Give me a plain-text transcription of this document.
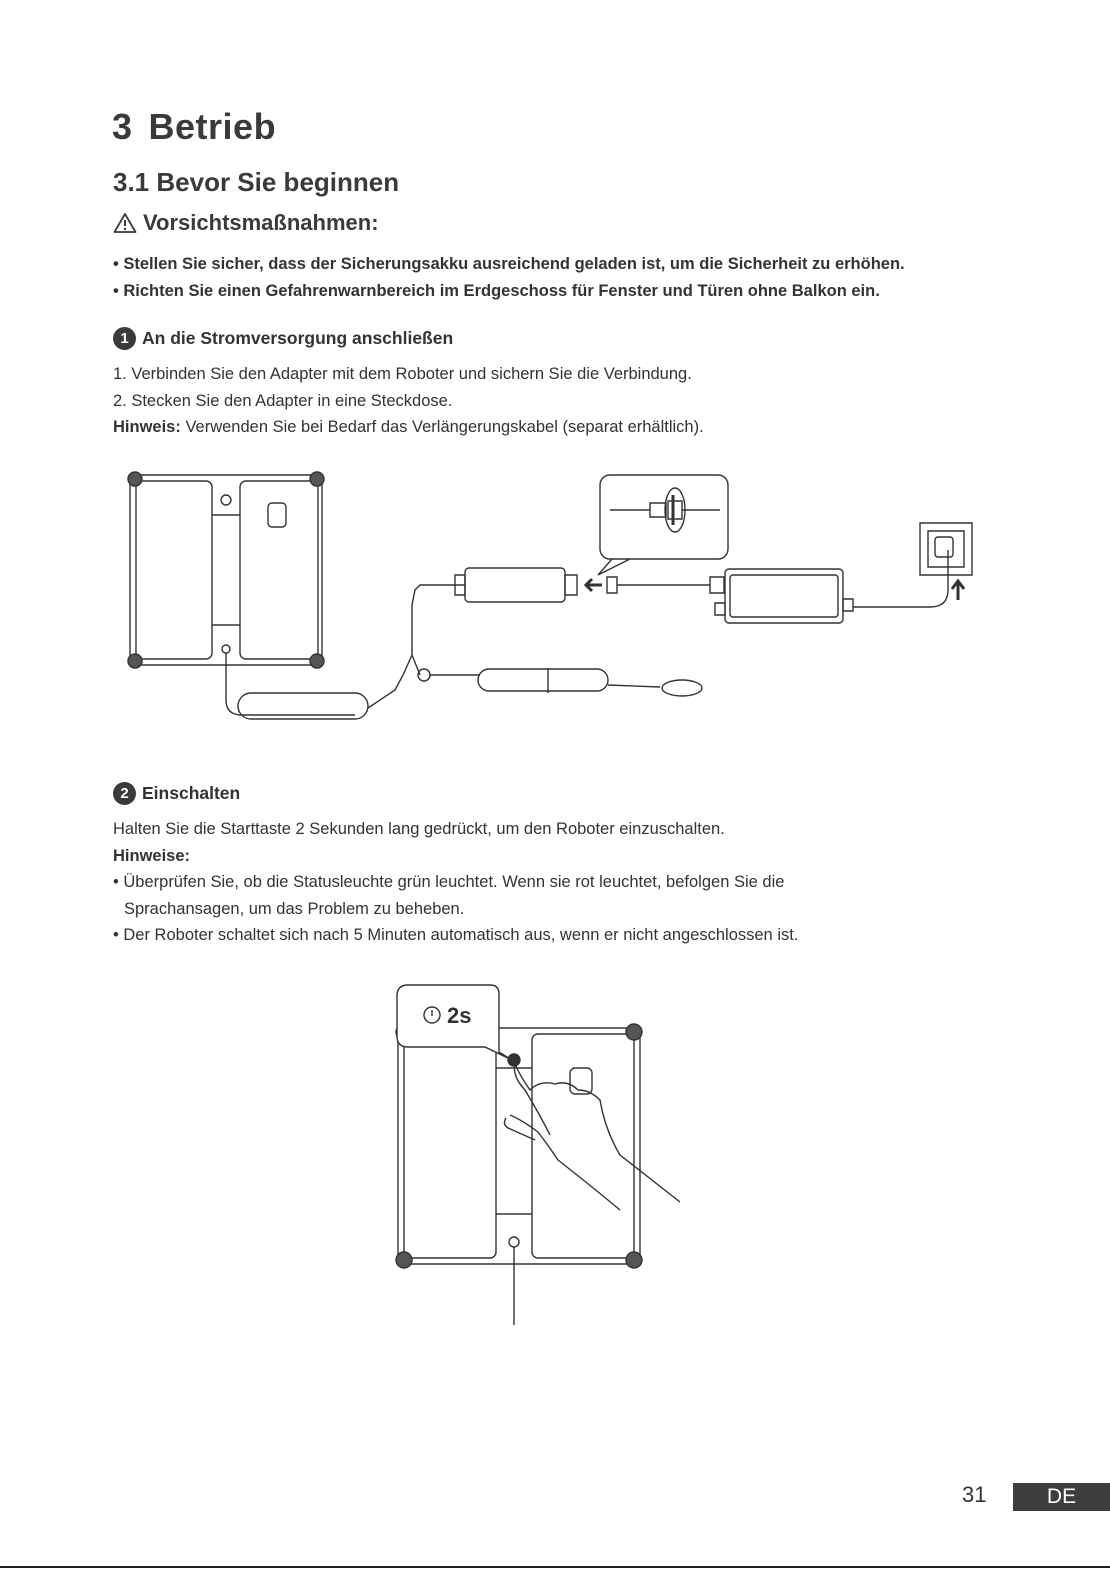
3 Betrieb
3.1 Bevor Sie beginnen
Vorsichtsmaßnahmen:
• Stellen Sie sicher, dass der Sicherungsakku ausreichend geladen ist, um die Sicherheit zu erhöhen.
• Richten Sie einen Gefahrenwarnbereich im Erdgeschoss für Fenster und Türen ohne Balkon ein.
1 An die Stromversorgung anschließen
1. Verbinden Sie den Adapter mit dem Roboter und sichern Sie die Verbindung.
2. Stecken Sie den Adapter in eine Steckdose.
Hinweis: Verwenden Sie bei Bedarf das Verlängerungskabel (separat erhältlich).
2 Einschalten
Halten Sie die Starttaste 2 Sekunden lang gedrückt, um den Roboter einzuschalten.
Hinweise:
• Überprüfen Sie, ob die Statusleuchte grün leuchtet. Wenn sie rot leuchtet, befolgen Sie die Sprachansagen, um das Problem zu beheben.
• Der Roboter schaltet sich nach 5 Minuten automatisch aus, wenn er nicht angeschlossen ist.
2s
31	DE
